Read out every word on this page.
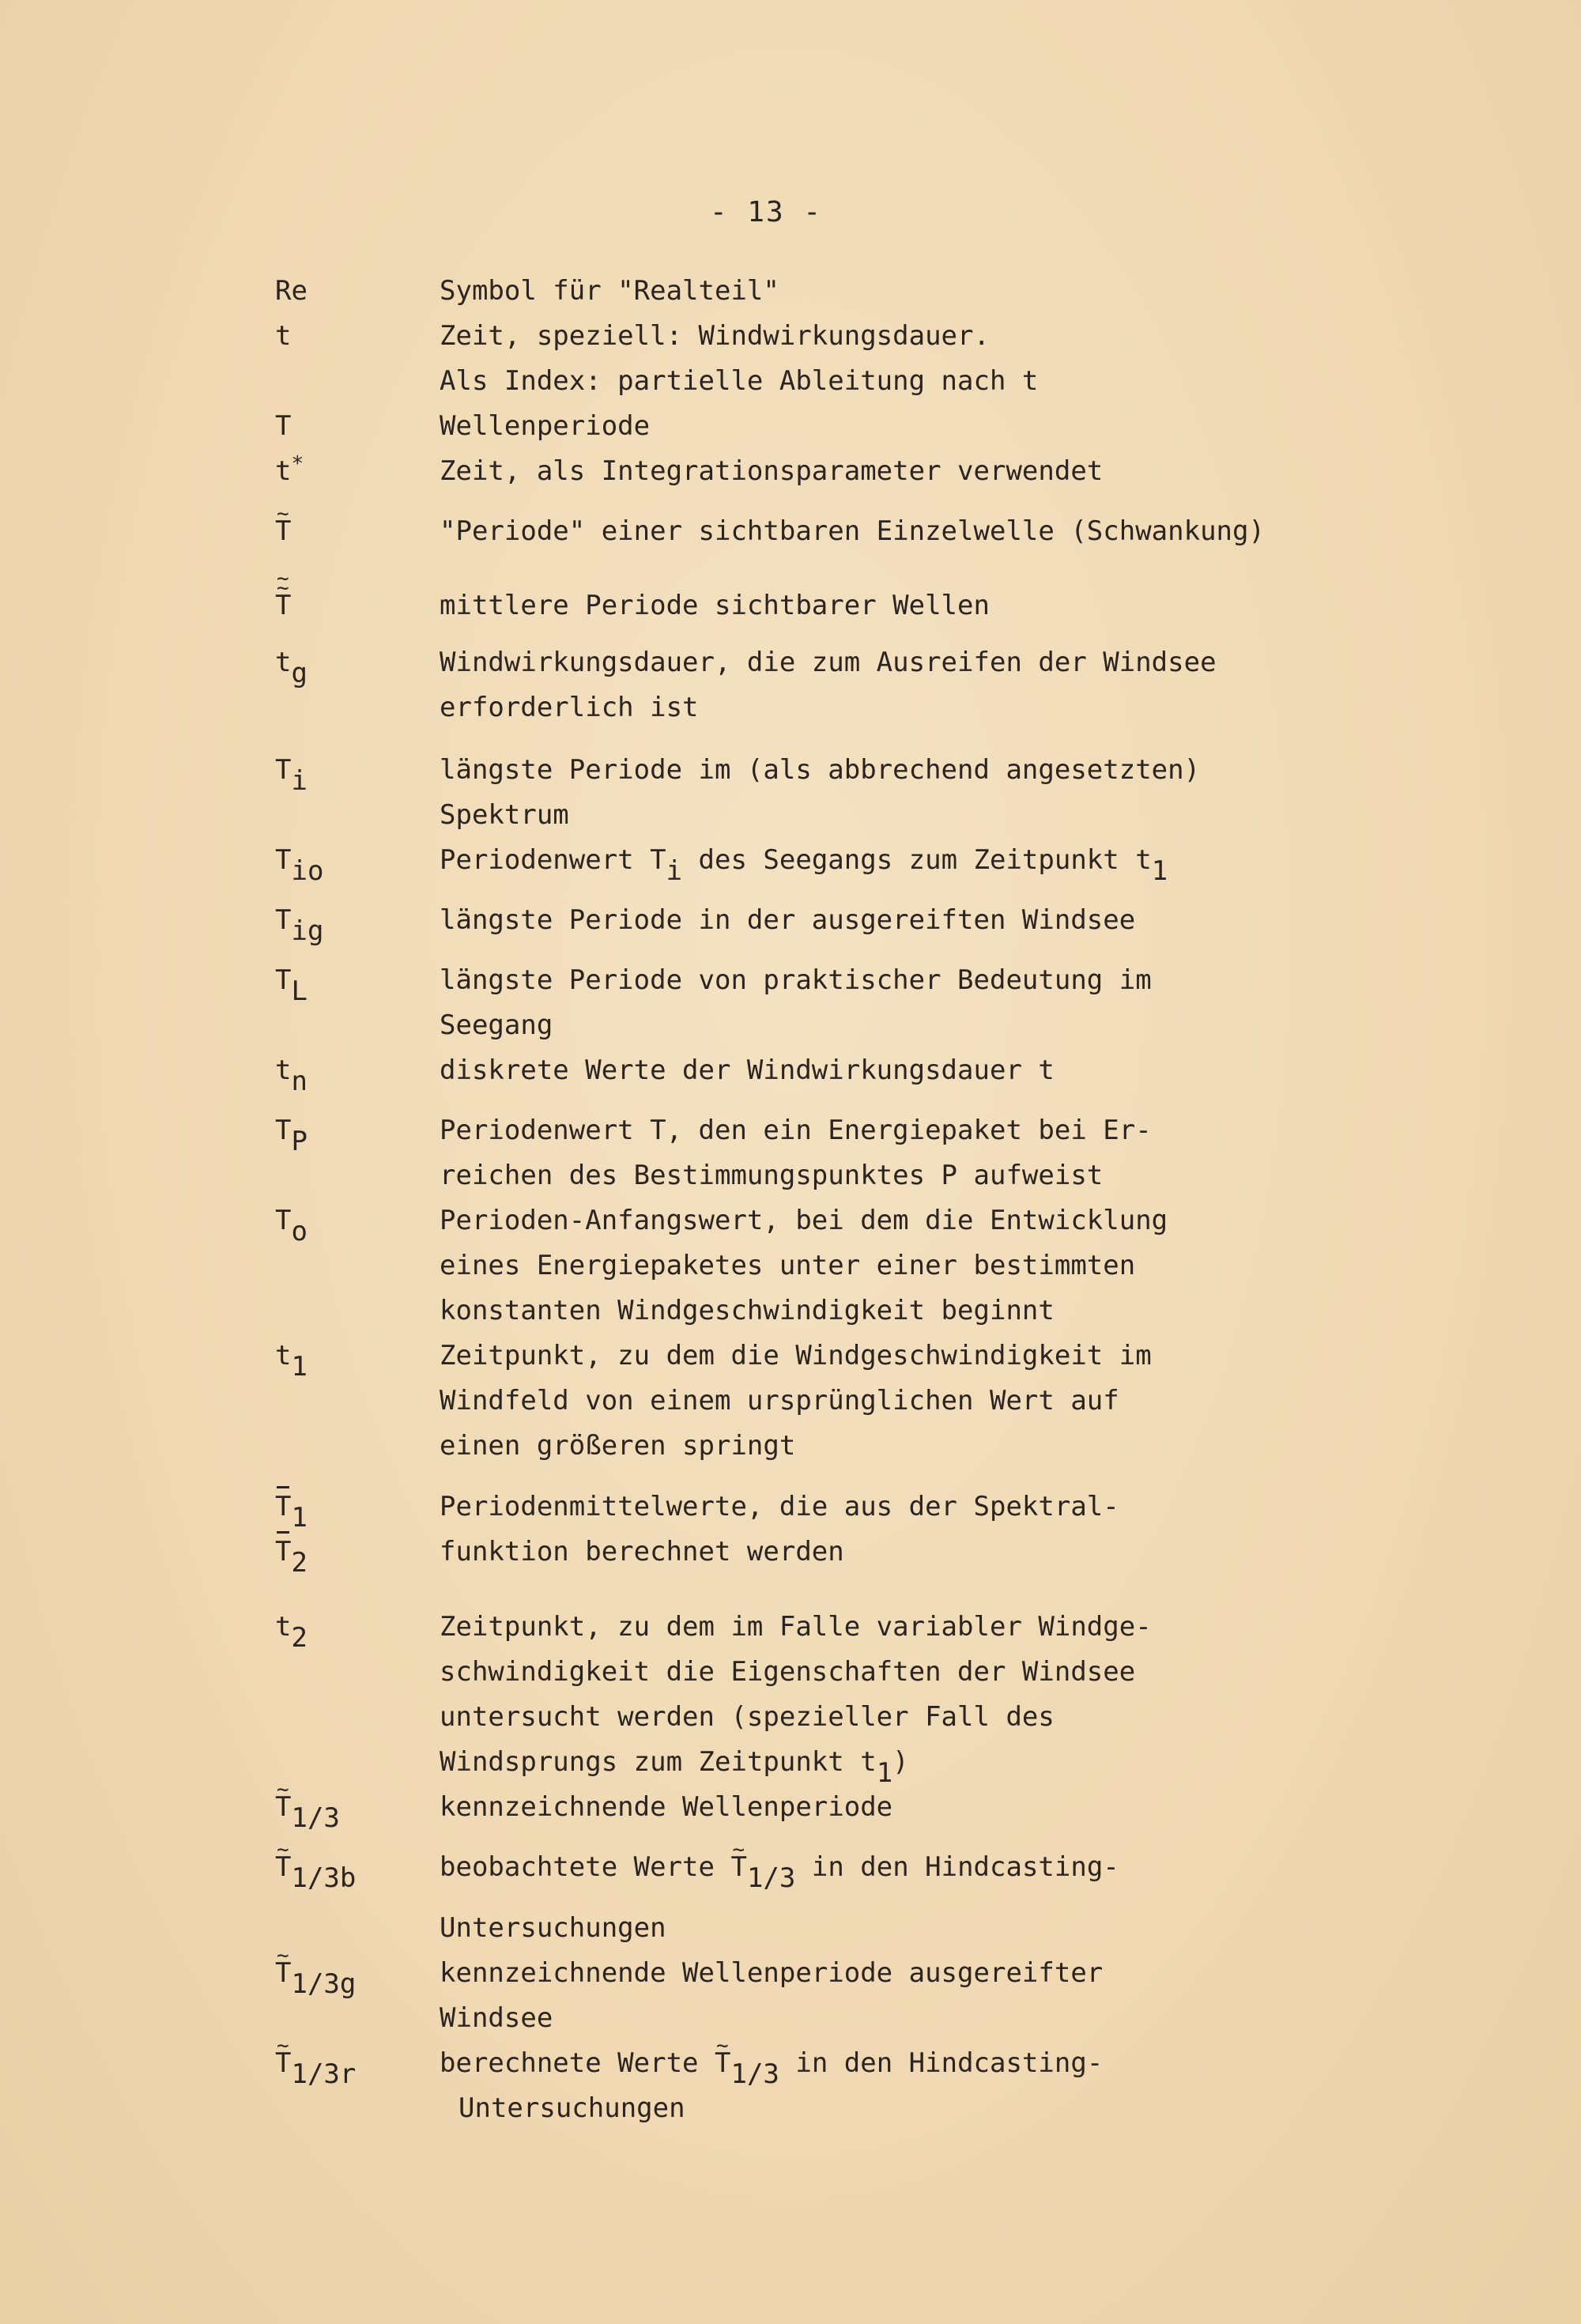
- 13 -
Re	Symbol für "Realteil"
t	Zeit, speziell: Windwirkungsdauer.
Als Index: partielle Ableitung nach t
T	Wellenperiode
t*	Zeit, als Integrationsparameter verwendet
~ T	"Periode" einer sichtbaren Einzelwelle (Schwankung)
~ T ~	mittlere Periode sichtbarer Wellen
$t_g$	Windwirkungsdauer, die zum Ausreifen der Windsee
erforderlich ist
$T_i$	längste Periode im (als abbrechend angesetzten)
Spektrum
$T_{io}$	Periodenwert $T_i$ des Seegangs zum Zeitpunkt $t_1$
$T_{ig}$	längste Periode in der ausgereiften Windsee
$T_L$	längste Periode von praktischer Bedeutung im
Seegang
$t_n$	diskrete Werte der Windwirkungsdauer t
$T_P$	Periodenwert T, den ein Energiepaket bei Er-
reichen des Bestimmungspunktes P aufweist
$T_o$	Perioden-Anfangswert, bei dem die Entwicklung
eines Energiepaketes unter einer bestimmten
konstanten Windgeschwindigkeit beginnt
$t_1$	Zeitpunkt, zu dem die Windgeschwindigkeit im
Windfeld von einem ursprünglichen Wert auf
einen größeren springt
$T_1$	Periodenmittelwerte, die aus der Spektral-
$T_2$	funktion berechnet werden
$t_2$	Zeitpunkt, zu dem im Falle variabler Windge-
schwindigkeit die Eigenschaften der Windsee
untersucht werden (spezieller Fall des
Windsprungs zum Zeitpunkt $t_1$)
~ $T_{1/3}$	kennzeichnende Wellenperiode
~ $T_{1/3b}$	beobachtete Werte ~ $T_{1/3}$ in den Hindcasting-
Untersuchungen
~ $T_{1/3g}$	kennzeichnende Wellenperiode ausgereifter
Windsee
~ $T_{1/3r}$	berechnete Werte ~ $T_{1/3}$ in den Hindcasting-
Untersuchungen
